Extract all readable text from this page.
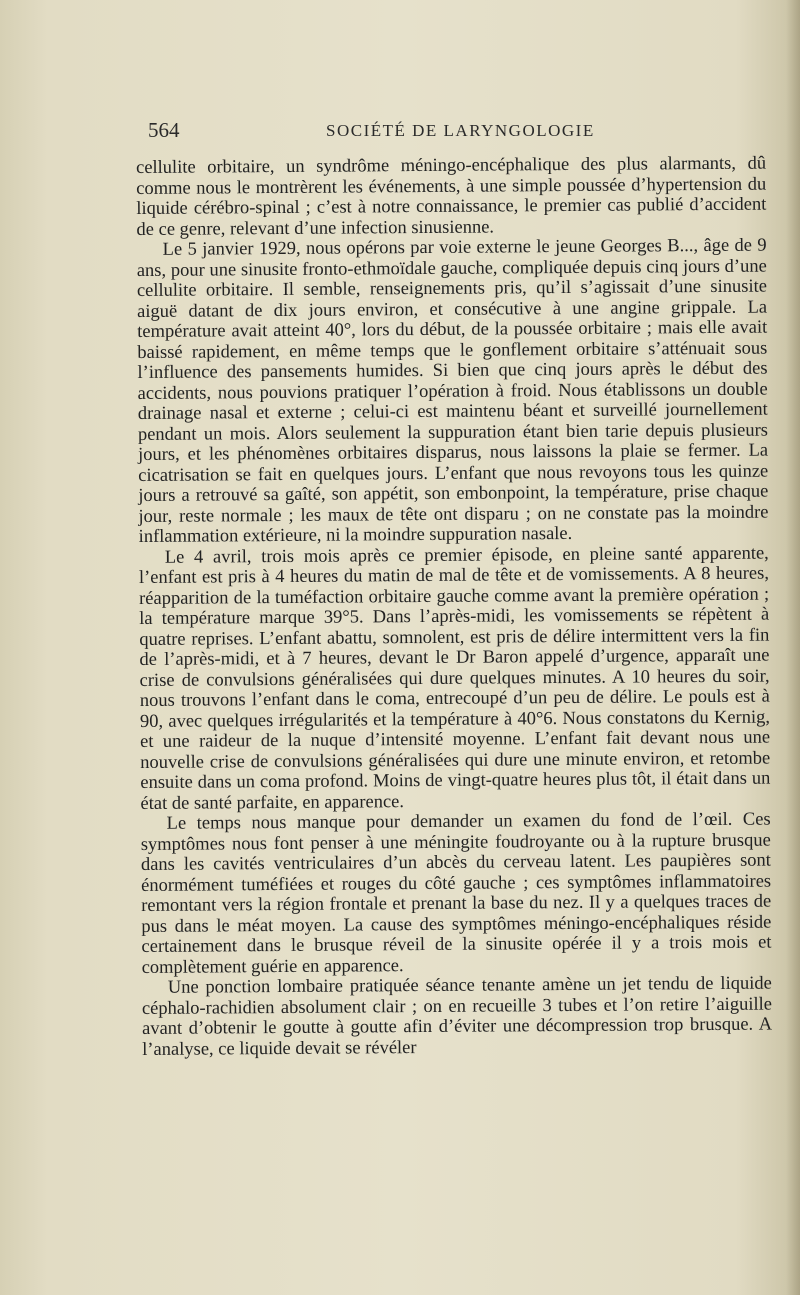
564	SOCIÉTÉ DE LARYNGOLOGIE

cellulite orbitaire, un syndrôme méningo-encéphalique des plus alarmants, dû comme nous le montrèrent les événements, à une simple poussée d’hypertension du liquide cérébro-spinal ; c’est à notre connaissance, le premier cas publié d’accident de ce genre, relevant d’une infection sinusienne.

Le 5 janvier 1929, nous opérons par voie externe le jeune Georges B..., âge de 9 ans, pour une sinusite fronto-ethmoïdale gauche, compliquée depuis cinq jours d’une cellulite orbitaire. Il semble, renseignements pris, qu’il s’agissait d’une sinusite aiguë datant de dix jours environ, et consécutive à une angine grippale. La température avait atteint 40°, lors du début, de la poussée orbitaire ; mais elle avait baissé rapidement, en même temps que le gonflement orbitaire s’atténuait sous l’influence des pansements humides. Si bien que cinq jours après le début des accidents, nous pouvions pratiquer l’opération à froid. Nous établissons un double drainage nasal et externe ; celui-ci est maintenu béant et surveillé journellement pendant un mois. Alors seulement la suppuration étant bien tarie depuis plusieurs jours, et les phénomènes orbitaires disparus, nous laissons la plaie se fermer. La cicatrisation se fait en quelques jours. L’enfant que nous revoyons tous les quinze jours a retrouvé sa gaîté, son appétit, son embonpoint, la température, prise chaque jour, reste normale ; les maux de tête ont disparu ; on ne constate pas la moindre inflammation extérieure, ni la moindre suppuration nasale.

Le 4 avril, trois mois après ce premier épisode, en pleine santé apparente, l’enfant est pris à 4 heures du matin de mal de tête et de vomissements. A 8 heures, réapparition de la tuméfaction orbitaire gauche comme avant la première opération ; la température marque 39°5. Dans l’après-midi, les vomissements se répètent à quatre reprises. L’enfant abattu, somnolent, est pris de délire intermittent vers la fin de l’après-midi, et à 7 heures, devant le Dr Baron appelé d’urgence, apparaît une crise de convulsions généralisées qui dure quelques minutes. A 10 heures du soir, nous trouvons l’enfant dans le coma, entrecoupé d’un peu de délire. Le pouls est à 90, avec quelques irrégularités et la température à 40°6. Nous constatons du Kernig, et une raideur de la nuque d’intensité moyenne. L’enfant fait devant nous une nouvelle crise de convulsions généralisées qui dure une minute environ, et retombe ensuite dans un coma profond. Moins de vingt-quatre heures plus tôt, il était dans un état de santé parfaite, en apparence.

Le temps nous manque pour demander un examen du fond de l’œil. Ces symptômes nous font penser à une méningite foudroyante ou à la rupture brusque dans les cavités ventriculaires d’un abcès du cerveau latent. Les paupières sont énormément tuméfiées et rouges du côté gauche ; ces symptômes inflammatoires remontant vers la région frontale et prenant la base du nez. Il y a quelques traces de pus dans le méat moyen. La cause des symptômes méningo-encéphaliques réside certainement dans le brusque réveil de la sinusite opérée il y a trois mois et complètement guérie en apparence.

Une ponction lombaire pratiquée séance tenante amène un jet tendu de liquide céphalo-rachidien absolument clair ; on en recueille 3 tubes et l’on retire l’aiguille avant d’obtenir le goutte à goutte afin d’éviter une décompression trop brusque. A l’analyse, ce liquide devait se révéler
